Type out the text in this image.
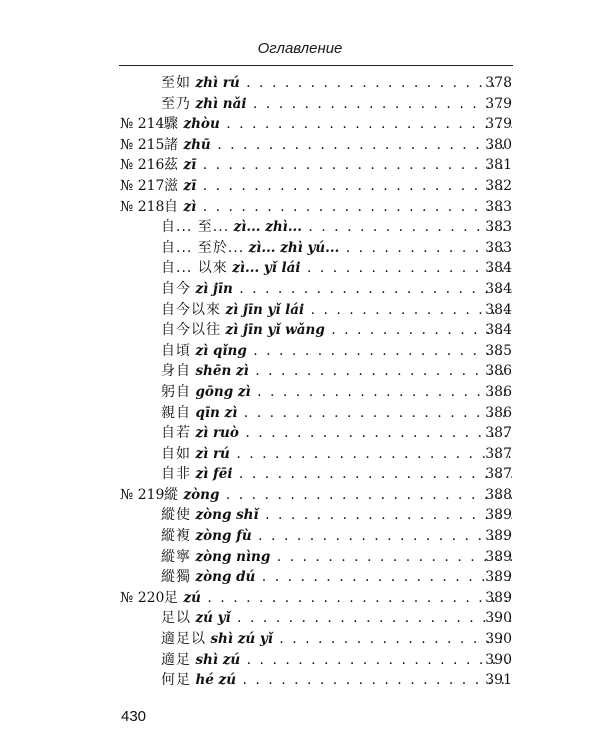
Оглавление
至如 zhì rú . . .	378
至乃 zhì nǎi . . .	379
№ 214 驟 zhòu . . .	379
№ 215 諸 zhū . . .	380
№ 216 茲 zī . . .	381
№ 217 滋 zī . . .	382
№ 218 自 zì . . .	383
自... 至... zì... zhì... . . .	383
自... 至於... zì... zhì yú... . . .	383
自... 以來 zì... yǐ lái . . .	384
自今 zì jīn . . .	384
自今以來 zì jīn yǐ lái . . .	384
自今以往 zì jīn yǐ wǎng . . .	384
自頃 zì qǐng . . .	385
身自 shēn zì . . .	386
躬自 gōng zì . . .	386
親自 qīn zì . . .	386
自若 zì ruò . . .	387
自如 zì rú . . .	387
自非 zì fēi . . .	387
№ 219 縱 zòng . . .	388
縱使 zòng shǐ . . .	389
縱複 zòng fù . . .	389
縱寧 zòng nìng . . .	389
縱獨 zòng dú . . .	389
№ 220 足 zú . . .	389
足以 zú yǐ . . .	390
適足以 shì zú yǐ . . .	390
適足 shì zú . . .	390
何足 hé zú . . .	391
430
